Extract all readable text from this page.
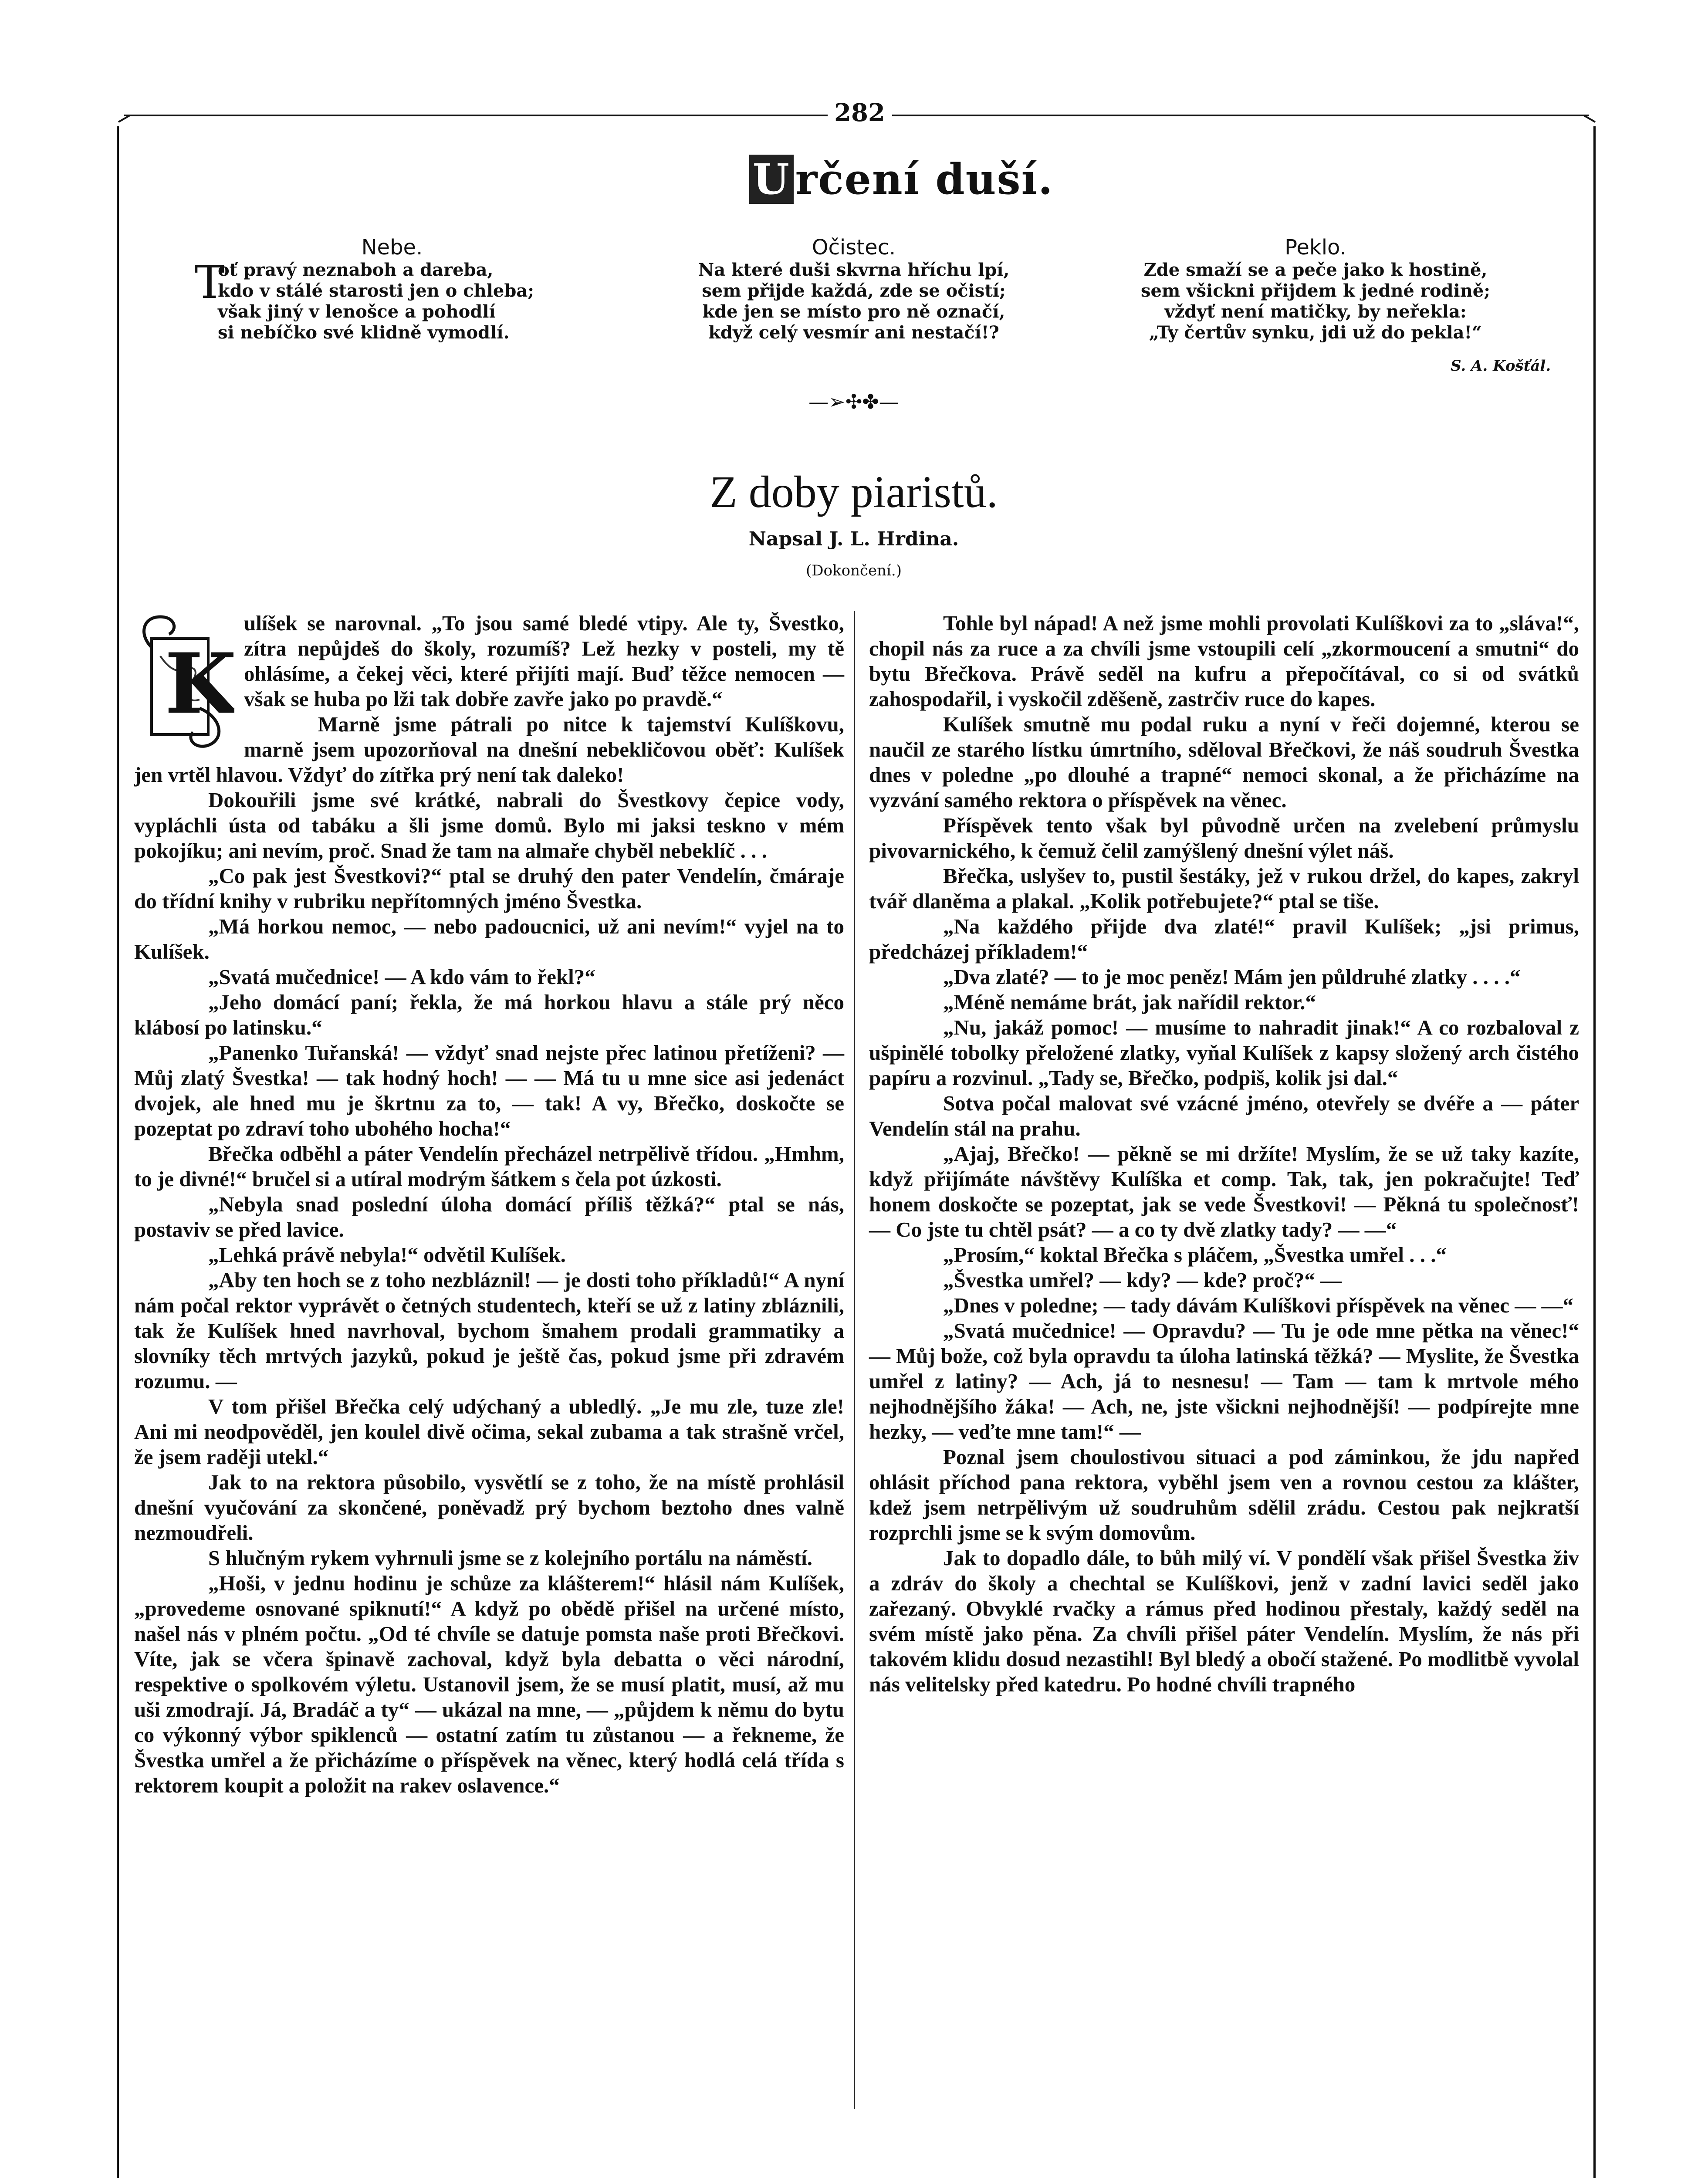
282
U rčení duší.
Nebe.
T

oť pravý neznaboh a dareba,

kdo v stálé starosti jen o chleba;

však jiný v lenošce a pohodlí

si nebíčko své klidně vymodlí.

Očistec.

Na které duši skvrna hříchu lpí,

sem přijde každá, zde se očistí;

kde jen se místo pro ně označí,

když celý vesmír ani nestačí!?

Peklo.

Zde smaží se a peče jako k hostině,

sem všickni přijdem k jedné rodině;

vždyť není matičky, by neřekla:

„Ty čertův synku, jdi už do pekla!“

S. A. Košťál.
—➢✣✤—
Z doby piaristů.
Napsal J. L. Hrdina.
(Dokončení.)
K

ulíšek se narovnal. „To jsou samé bledé vtipy. Ale ty, Švestko, zítra nepůjdeš do školy, rozumíš? Lež hezky v posteli, my tě ohlásíme, a čekej věci, které přijíti mají. Buď těžce nemocen — však se huba po lži tak dobře zavře jako po pravdě.“

Marně jsme pátrali po nitce k tajemství Kulíškovu, marně jsem upozorňoval na dnešní nebekličovou oběť: Kulíšek jen vrtěl hlavou. Vždyť do zítřka prý není tak daleko!

Dokouřili jsme své krátké, nabrali do Švestkovy čepice vody, vypláchli ústa od tabáku a šli jsme domů. Bylo mi jaksi teskno v mém pokojíku; ani nevím, proč. Snad že tam na almaře chyběl nebeklíč . . .

„Co pak jest Švestkovi?“ ptal se druhý den pater Vendelín, čmáraje do třídní knihy v rubriku nepřítomných jméno Švestka.

„Má horkou nemoc, — nebo padoucnici, už ani nevím!“ vyjel na to Kulíšek.

„Svatá mučednice! — A kdo vám to řekl?“

„Jeho domácí paní; řekla, že má horkou hlavu a stále prý něco klábosí po latinsku.“

„Panenko Tuřanská! — vždyť snad nejste přec latinou přetíženi? — Můj zlatý Švestka! — tak hodný hoch! — — Má tu u mne sice asi jedenáct dvojek, ale hned mu je škrtnu za to, — tak! A vy, Břečko, doskočte se pozeptat po zdraví toho ubohého hocha!“

Břečka odběhl a páter Vendelín přecházel netrpělivě třídou. „Hmhm, to je divné!“ bručel si a utíral modrým šátkem s čela pot úzkosti.

„Nebyla snad poslední úloha domácí příliš těžká?“ ptal se nás, postaviv se před lavice.

„Lehká právě nebyla!“ odvětil Kulíšek.

„Aby ten hoch se z toho nezbláznil! — je dosti toho příkladů!“ A nyní nám počal rektor vyprávět o četných studentech, kteří se už z latiny zbláznili, tak že Kulíšek hned navrhoval, bychom šmahem prodali grammatiky a slovníky těch mrtvých jazyků, pokud je ještě čas, pokud jsme při zdravém rozumu. —

V tom přišel Břečka celý udýchaný a ubledlý. „Je mu zle, tuze zle! Ani mi neodpověděl, jen koulel divě očima, sekal zubama a tak strašně vrčel, že jsem raději utekl.“

Jak to na rektora působilo, vysvětlí se z toho, že na místě prohlásil dnešní vyučování za skončené, poněvadž prý bychom beztoho dnes valně nezmoudřeli.

S hlučným rykem vyhrnuli jsme se z kolejního portálu na náměstí.

„Hoši, v jednu hodinu je schůze za klášterem!“ hlásil nám Kulíšek, „provedeme osnované spiknutí!“ A když po obědě přišel na určené místo, našel nás v plném počtu. „Od té chvíle se datuje pomsta naše proti Břečkovi. Víte, jak se včera špinavě zachoval, když byla debatta o věci národní, respektive o spolkovém výletu. Ustanovil jsem, že se musí platit, musí, až mu uši zmodrají. Já, Bradáč a ty“ — ukázal na mne, — „půjdem k němu do bytu co výkonný výbor spiklenců — ostatní zatím tu zůstanou — a řekneme, že Švestka umřel a že přicházíme o příspěvek na věnec, který hodlá celá třída s rektorem koupit a položit na rakev oslavence.“

Tohle byl nápad! A než jsme mohli provolati Kulíškovi za to „sláva!“, chopil nás za ruce a za chvíli jsme vstoupili celí „zkormoucení a smutni“ do bytu Břečkova. Právě seděl na kufru a přepočítával, co si od svátků zahospodařil, i vyskočil zděšeně, zastrčiv ruce do kapes.

Kulíšek smutně mu podal ruku a nyní v řeči dojemné, kterou se naučil ze starého lístku úmrtního, sděloval Břečkovi, že náš soudruh Švestka dnes v poledne „po dlouhé a trapné“ nemoci skonal, a že přicházíme na vyzvání samého rektora o příspěvek na věnec.

Příspěvek tento však byl původně určen na zvelebení průmyslu pivovarnického, k čemuž čelil zamýšlený dnešní výlet náš.

Břečka, uslyšev to, pustil šestáky, jež v rukou držel, do kapes, zakryl tvář dlaněma a plakal. „Kolik potřebujete?“ ptal se tiše.

„Na každého přijde dva zlaté!“ pravil Kulíšek; „jsi primus, předcházej příkladem!“

„Dva zlaté? — to je moc peněz! Mám jen půldruhé zlatky . . . .“

„Méně nemáme brát, jak nařídil rektor.“

„Nu, jakáž pomoc! — musíme to nahradit jinak!“ A co rozbaloval z ušpinělé tobolky přeložené zlatky, vyňal Kulíšek z kapsy složený arch čistého papíru a rozvinul. „Tady se, Břečko, podpiš, kolik jsi dal.“

Sotva počal malovat své vzácné jméno, otevřely se dvéře a — páter Vendelín stál na prahu.

„Ajaj, Břečko! — pěkně se mi držíte! Myslím, že se už taky kazíte, když přijímáte návštěvy Kulíška et comp. Tak, tak, jen pokračujte! Teď honem doskočte se pozeptat, jak se vede Švestkovi! — Pěkná tu společnosť! — Co jste tu chtěl psát? — a co ty dvě zlatky tady? — —“

„Prosím,“ koktal Břečka s pláčem, „Švestka umřel . . .“

„Švestka umřel? — kdy? — kde? proč?“ —

„Dnes v poledne; — tady dávám Kulíškovi příspěvek na věnec — —“

„Svatá mučednice! — Opravdu? — Tu je ode mne pětka na věnec!“ — Můj bože, což byla opravdu ta úloha latinská těžká? — Myslite, že Švestka umřel z latiny? — Ach, já to nesnesu! — Tam — tam k mrtvole mého nejhodnějšího žáka! — Ach, ne, jste všickni nejhodnější! — podpírejte mne hezky, — veďte mne tam!“ —

Poznal jsem choulostivou situaci a pod záminkou, že jdu napřed ohlásit příchod pana rektora, vyběhl jsem ven a rovnou cestou za klášter, kdež jsem netrpělivým už soudruhům sdělil zrádu. Cestou pak nejkratší rozprchli jsme se k svým domovům.

Jak to dopadlo dále, to bůh milý ví. V pondělí však přišel Švestka živ a zdráv do školy a chechtal se Kulíškovi, jenž v zadní lavici seděl jako zařezaný. Obvyklé rvačky a rámus před hodinou přestaly, každý seděl na svém místě jako pěna. Za chvíli přišel páter Vendelín. Myslím, že nás při takovém klidu dosud nezastihl! Byl bledý a obočí stažené. Po modlitbě vyvolal nás velitelsky před katedru. Po hodné chvíli trapného
